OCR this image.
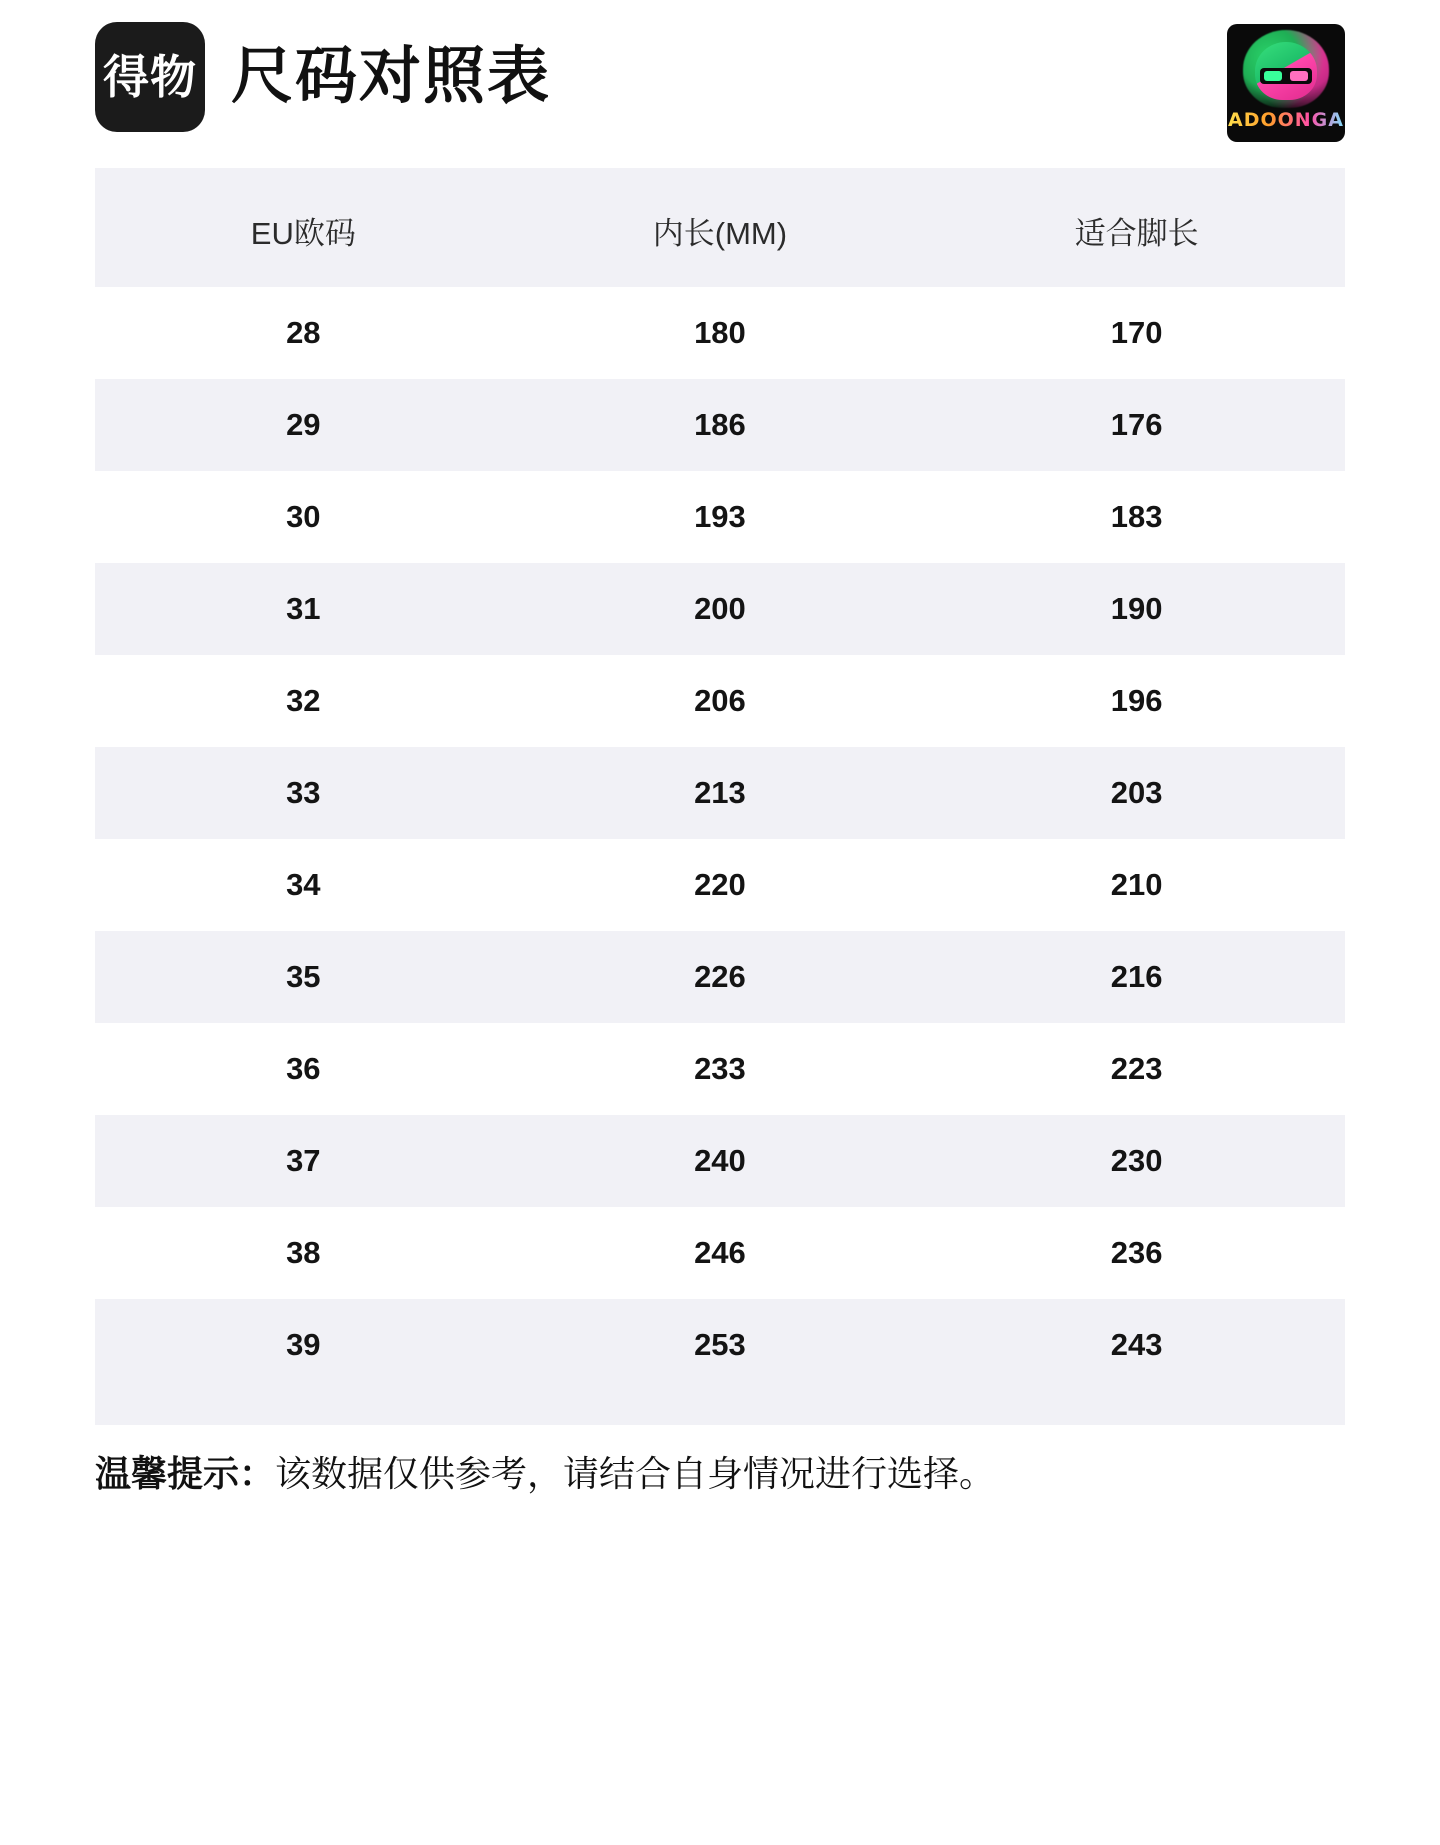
得物 尺码对照表
ADOONGA
EU欧码	内长(MM)	适合脚长
28	180	170
29	186	176
30	193	183
31	200	190
32	206	196
33	213	203
34	220	210
35	226	216
36	233	223
37	240	230
38	246	236
39	253	243
温馨提示：该数据仅供参考，请结合自身情况进行选择。
